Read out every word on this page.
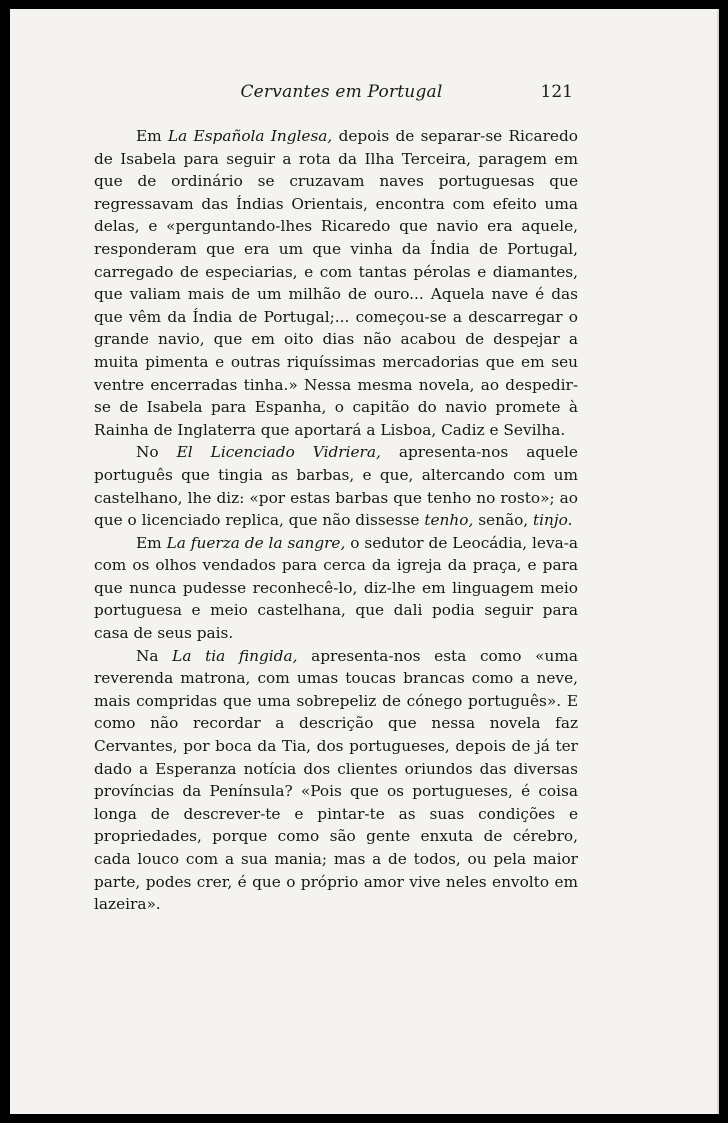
Cervantes em Portugal	121

Em La Española Inglesa, depois de separar-se Ricaredo de Isabela para seguir a rota da Ilha Terceira, paragem em que de ordinário se cruzavam naves portuguesas que regressavam das Índias Orientais, encontra com efeito uma delas, e «perguntando-lhes Ricaredo que navio era aquele, responderam que era um que vinha da Índia de Portugal, carregado de especiarias, e com tantas pérolas e diamantes, que valiam mais de um milhão de ouro... Aquela nave é das que vêm da Índia de Portugal;... começou-se a descarregar o grande navio, que em oito dias não acabou de despejar a muita pimenta e outras riquíssimas mercadorias que em seu ventre encerradas tinha.» Nessa mesma novela, ao despedir-se de Isabela para Espanha, o capitão do navio promete à Rainha de Inglaterra que aportará a Lisboa, Cadiz e Sevilha.

No El Licenciado Vidriera, apresenta-nos aquele português que tingia as barbas, e que, altercando com um castelhano, lhe diz: «por estas barbas que tenho no rosto»; ao que o licenciado replica, que não dissesse tenho, senão, tinjo.

Em La fuerza de la sangre, o sedutor de Leocádia, leva-a com os olhos vendados para cerca da igreja da praça, e para que nunca pudesse reconhecê-lo, diz-lhe em linguagem meio portuguesa e meio castelhana, que dali podia seguir para casa de seus pais.

Na La tia fingida, apresenta-nos esta como «uma reverenda matrona, com umas toucas brancas como a neve, mais compridas que uma sobrepeliz de cónego português». E como não recordar a descrição que nessa novela faz Cervantes, por boca da Tia, dos portugueses, depois de já ter dado a Esperanza notícia dos clientes oriundos das diversas províncias da Península? «Pois que os portugueses, é coisa longa de descrever-te e pintar-te as suas condições e propriedades, porque como são gente enxuta de cérebro, cada louco com a sua mania; mas a de todos, ou pela maior parte, podes crer, é que o próprio amor vive neles envolto em lazeira».
